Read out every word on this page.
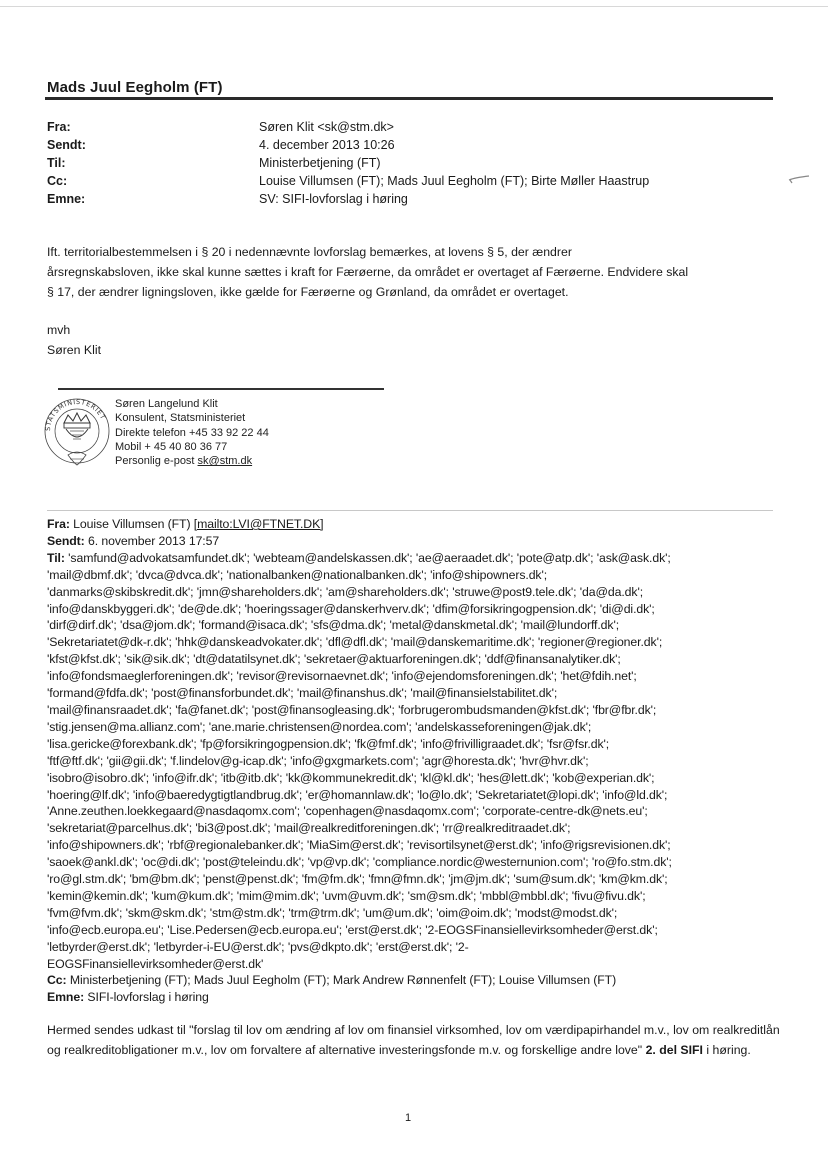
Mads Juul Eegholm (FT)
Fra:	Søren Klit <sk@stm.dk>
Sendt:	4. december 2013 10:26
Til:	Ministerbetjening (FT)
Cc:	Louise Villumsen (FT); Mads Juul Eegholm (FT); Birte Møller Haastrup
Emne:	SV: SIFI-lovforslag i høring
Ift. territorialbestemmelsen i § 20 i nedennævnte lovforslag bemærkes, at lovens § 5, der ændrer
årsregnskabsloven, ikke skal kunne sættes i kraft for Færøerne, da området er overtaget af Færøerne. Endvidere skal
§ 17, der ændrer ligningsloven, ikke gælde for Færøerne og Grønland, da området er overtaget.
mvh
Søren Klit
STATSMINISTERIET
Søren Langelund Klit
Konsulent, Statsministeriet
Direkte telefon +45 33 92 22 44
Mobil + 45 40 80 36 77
Personlig e-post sk@stm.dk
Fra: Louise Villumsen (FT) [mailto:LVI@FTNET.DK]
Sendt: 6. november 2013 17:57
Til: 'samfund@advokatsamfundet.dk'; 'webteam@andelskassen.dk'; 'ae@aeraadet.dk'; 'pote@atp.dk'; 'ask@ask.dk';
'mail@dbmf.dk'; 'dvca@dvca.dk'; 'nationalbanken@nationalbanken.dk'; 'info@shipowners.dk';
'danmarks@skibskredit.dk'; 'jmn@shareholders.dk'; 'am@shareholders.dk'; 'struwe@post9.tele.dk'; 'da@da.dk';
'info@danskbyggeri.dk'; 'de@de.dk'; 'hoeringssager@danskerhverv.dk'; 'dfim@forsikringogpension.dk'; 'di@di.dk';
'dirf@dirf.dk'; 'dsa@jom.dk'; 'formand@isaca.dk'; 'sfs@dma.dk'; 'metal@danskmetal.dk'; 'mail@lundorff.dk';
'Sekretariatet@dk-r.dk'; 'hhk@danskeadvokater.dk'; 'dfl@dfl.dk'; 'mail@danskemaritime.dk'; 'regioner@regioner.dk';
'kfst@kfst.dk'; 'sik@sik.dk'; 'dt@datatilsynet.dk'; 'sekretaer@aktuarforeningen.dk'; 'ddf@finansanalytiker.dk';
'info@fondsmaeglerforeningen.dk'; 'revisor@revisornaevnet.dk'; 'info@ejendomsforeningen.dk'; 'het@fdih.net';
'formand@fdfa.dk'; 'post@finansforbundet.dk'; 'mail@finanshus.dk'; 'mail@finansielstabilitet.dk';
'mail@finansraadet.dk'; 'fa@fanet.dk'; 'post@finansogleasing.dk'; 'forbrugerombudsmanden@kfst.dk'; 'fbr@fbr.dk';
'stig.jensen@ma.allianz.com'; 'ane.marie.christensen@nordea.com'; 'andelskasseforeningen@jak.dk';
'lisa.gericke@forexbank.dk'; 'fp@forsikringogpension.dk'; 'fk@fmf.dk'; 'info@frivilligraadet.dk'; 'fsr@fsr.dk';
'ftf@ftf.dk'; 'gii@gii.dk'; 'f.lindelov@g-icap.dk'; 'info@gxgmarkets.com'; 'agr@horesta.dk'; 'hvr@hvr.dk';
'isobro@isobro.dk'; 'info@ifr.dk'; 'itb@itb.dk'; 'kk@kommunekredit.dk'; 'kl@kl.dk'; 'hes@lett.dk'; 'kob@experian.dk';
'hoering@lf.dk'; 'info@baeredygtigtlandbrug.dk'; 'er@homannlaw.dk'; 'lo@lo.dk'; 'Sekretariatet@lopi.dk'; 'info@ld.dk';
'Anne.zeuthen.loekkegaard@nasdaqomx.com'; 'copenhagen@nasdaqomx.com'; 'corporate-centre-dk@nets.eu';
'sekretariat@parcelhus.dk'; 'bi3@post.dk'; 'mail@realkreditforeningen.dk'; 'rr@realkreditraadet.dk';
'info@shipowners.dk'; 'rbf@regionalebanker.dk'; 'MiaSim@erst.dk'; 'revisortilsynet@erst.dk'; 'info@rigsrevisionen.dk';
'saoek@ankl.dk'; 'oc@di.dk'; 'post@teleindu.dk'; 'vp@vp.dk'; 'compliance.nordic@westernunion.com'; 'ro@fo.stm.dk';
'ro@gl.stm.dk'; 'bm@bm.dk'; 'penst@penst.dk'; 'fm@fm.dk'; 'fmn@fmn.dk'; 'jm@jm.dk'; 'sum@sum.dk'; 'km@km.dk';
'kemin@kemin.dk'; 'kum@kum.dk'; 'mim@mim.dk'; 'uvm@uvm.dk'; 'sm@sm.dk'; 'mbbl@mbbl.dk'; 'fivu@fivu.dk';
'fvm@fvm.dk'; 'skm@skm.dk'; 'stm@stm.dk'; 'trm@trm.dk'; 'um@um.dk'; 'oim@oim.dk'; 'modst@modst.dk';
'info@ecb.europa.eu'; 'Lise.Pedersen@ecb.europa.eu'; 'erst@erst.dk'; '2-EOGSFinansiellevirksomheder@erst.dk';
'letbyrder@erst.dk'; 'letbyrder-i-EU@erst.dk'; 'pvs@dkpto.dk'; 'erst@erst.dk'; '2-
EOGSFinansiellevirksomheder@erst.dk'
Cc: Ministerbetjening (FT); Mads Juul Eegholm (FT); Mark Andrew Rønnenfelt (FT); Louise Villumsen (FT)
Emne: SIFI-lovforslag i høring
Hermed sendes udkast til "forslag til lov om ændring af lov om finansiel virksomhed, lov om værdipapirhandel m.v., lov om realkreditlån og realkreditobligationer m.v., lov om forvaltere af alternative investeringsfonde m.v. og forskellige andre love" 2. del SIFI i høring.
1
